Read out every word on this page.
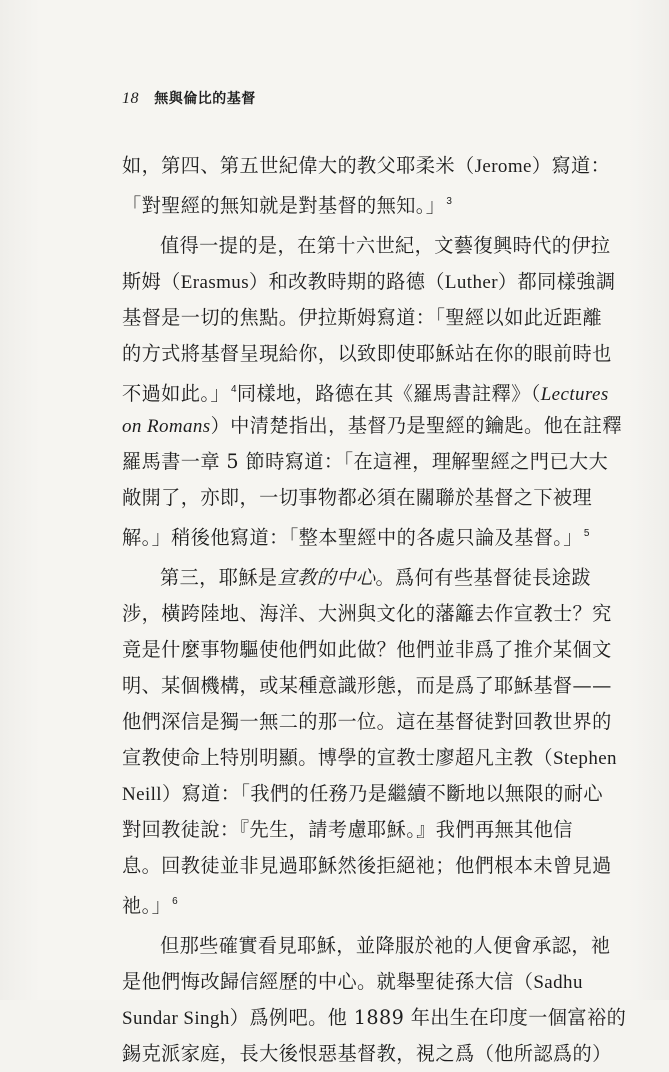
18 無與倫比的基督
如，第四、第五世紀偉大的教父耶柔米（Jerome）寫道：
「對聖經的無知就是對基督的無知。」$^3$
值得一提的是，在第十六世紀，文藝復興時代的伊拉
斯姆（Erasmus）和改教時期的路德（Luther）都同樣強調
基督是一切的焦點。伊拉斯姆寫道：「聖經以如此近距離
的方式將基督呈現給你，以致即使耶穌站在你的眼前時也
不過如此。」$^4$同樣地，路德在其《羅馬書註釋》（Lectures
on Romans）中清楚指出，基督乃是聖經的鑰匙。他在註釋
羅馬書一章 5 節時寫道：「在這裡，理解聖經之門已大大
敞開了，亦即，一切事物都必須在關聯於基督之下被理
解。」稍後他寫道：「整本聖經中的各處只論及基督。」$^5$
第三，耶穌是宣教的中心。爲何有些基督徒長途跋
涉，橫跨陸地、海洋、大洲與文化的藩籬去作宣教士？究
竟是什麼事物驅使他們如此做？他們並非爲了推介某個文
明、某個機構，或某種意識形態，而是爲了耶穌基督——
他們深信是獨一無二的那一位。這在基督徒對回教世界的
宣教使命上特別明顯。博學的宣教士廖超凡主教（Stephen
Neill）寫道：「我們的任務乃是繼續不斷地以無限的耐心
對回教徒說：『先生，請考慮耶穌。』我們再無其他信
息。回教徒並非見過耶穌然後拒絕祂；他們根本未曾見過
祂。」$^6$
但那些確實看見耶穌，並降服於祂的人便會承認，祂
是他們悔改歸信經歷的中心。就舉聖徒孫大信（Sadhu
Sundar Singh）爲例吧。他 1889 年出生在印度一個富裕的
錫克派家庭，長大後恨惡基督教，視之爲（他所認爲的）
